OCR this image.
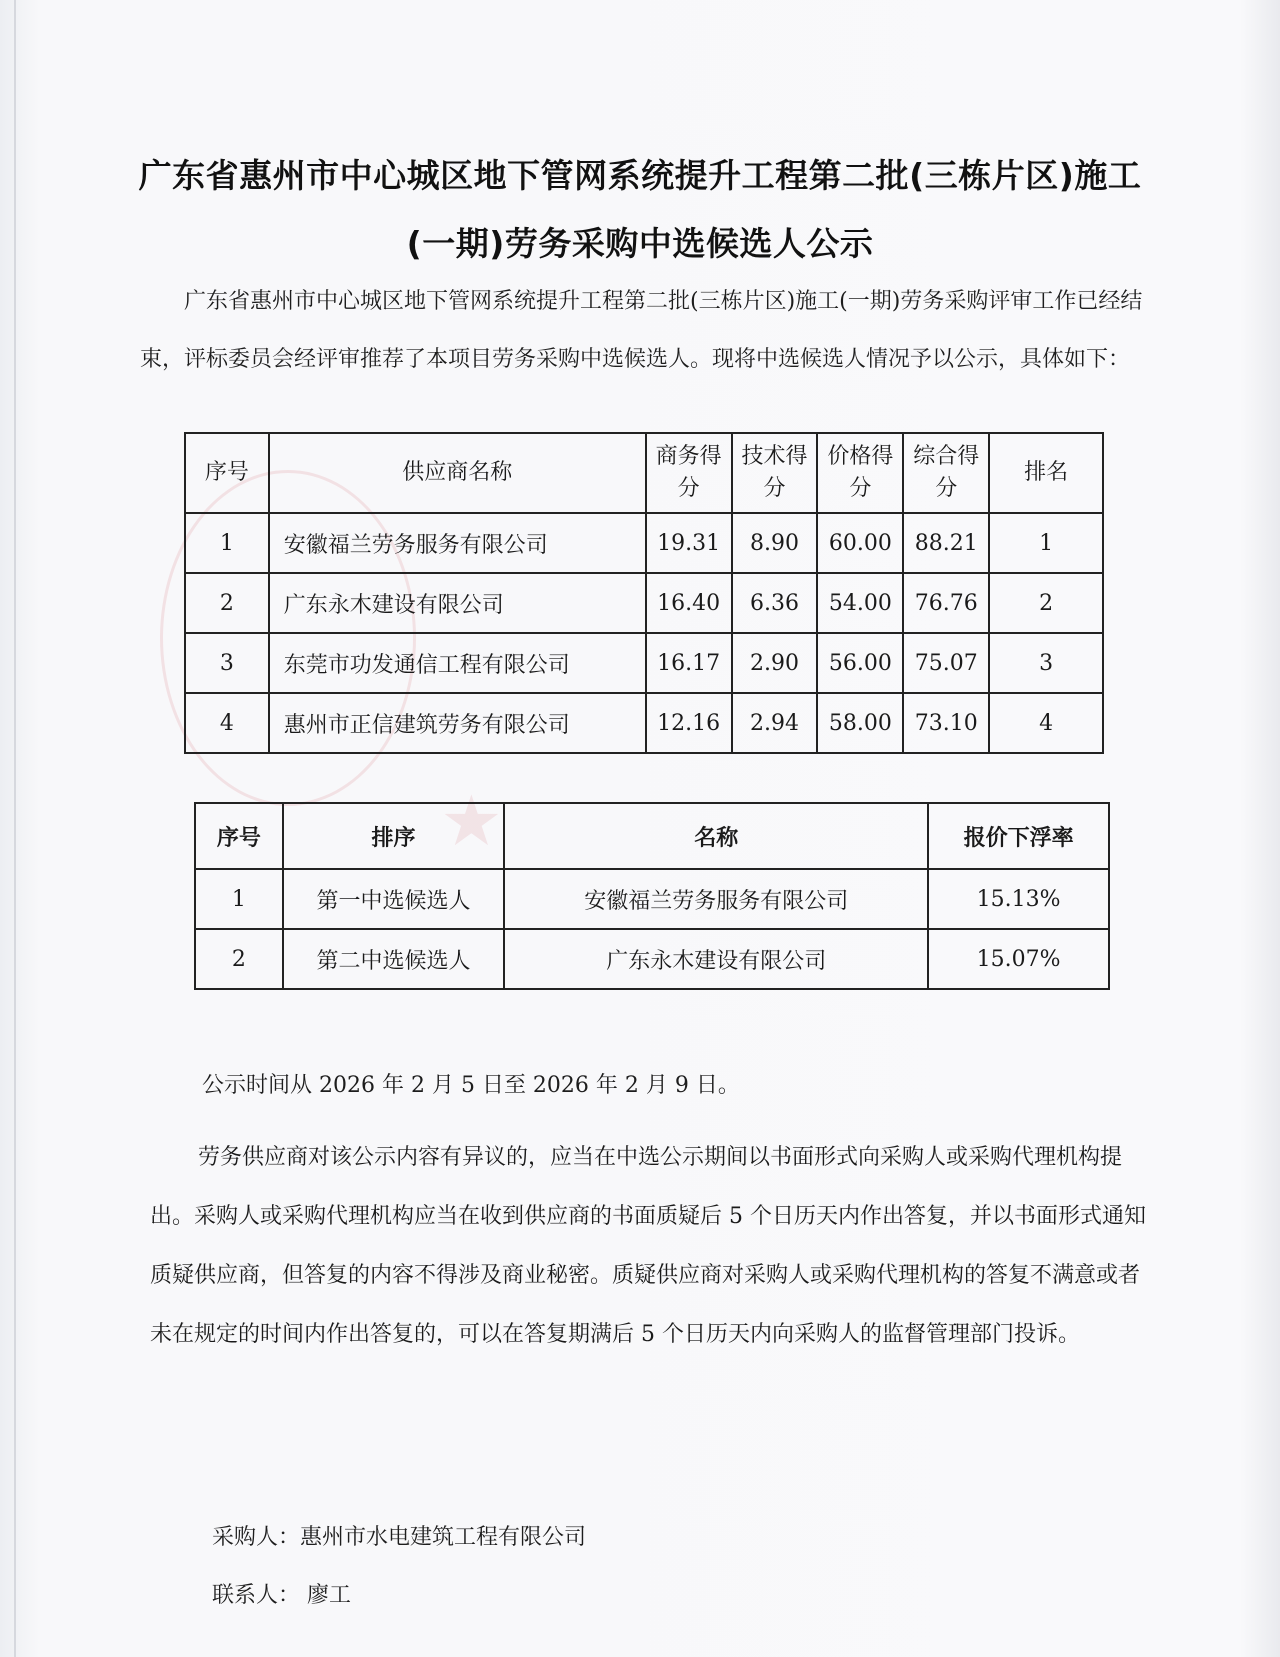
★
广东省惠州市中心城区地下管网系统提升工程第二批(三栋片区)施工
(一期)劳务采购中选候选人公示
广东省惠州市中心城区地下管网系统提升工程第二批(三栋片区)施工(一期)劳务采购评审工作已经结束，评标委员会经评审推荐了本项目劳务采购中选候选人。现将中选候选人情况予以公示，具体如下：
序号	供应商名称	商务得分	技术得分	价格得分	综合得分	排名
1	安徽福兰劳务服务有限公司	19.31	8.90	60.00	88.21	1
2	广东永木建设有限公司	16.40	6.36	54.00	76.76	2
3	东莞市功发通信工程有限公司	16.17	2.90	56.00	75.07	3
4	惠州市正信建筑劳务有限公司	12.16	2.94	58.00	73.10	4
序号	排序	名称	报价下浮率
1	第一中选候选人	安徽福兰劳务服务有限公司	15.13%
2	第二中选候选人	广东永木建设有限公司	15.07%
公示时间从 2026 年 2 月 5 日至 2026 年 2 月 9 日。
劳务供应商对该公示内容有异议的，应当在中选公示期间以书面形式向采购人或采购代理机构提出。采购人或采购代理机构应当在收到供应商的书面质疑后 5 个日历天内作出答复，并以书面形式通知质疑供应商，但答复的内容不得涉及商业秘密。质疑供应商对采购人或采购代理机构的答复不满意或者未在规定的时间内作出答复的，可以在答复期满后 5 个日历天内向采购人的监督管理部门投诉。
采购人：惠州市水电建筑工程有限公司
联系人： 廖工
